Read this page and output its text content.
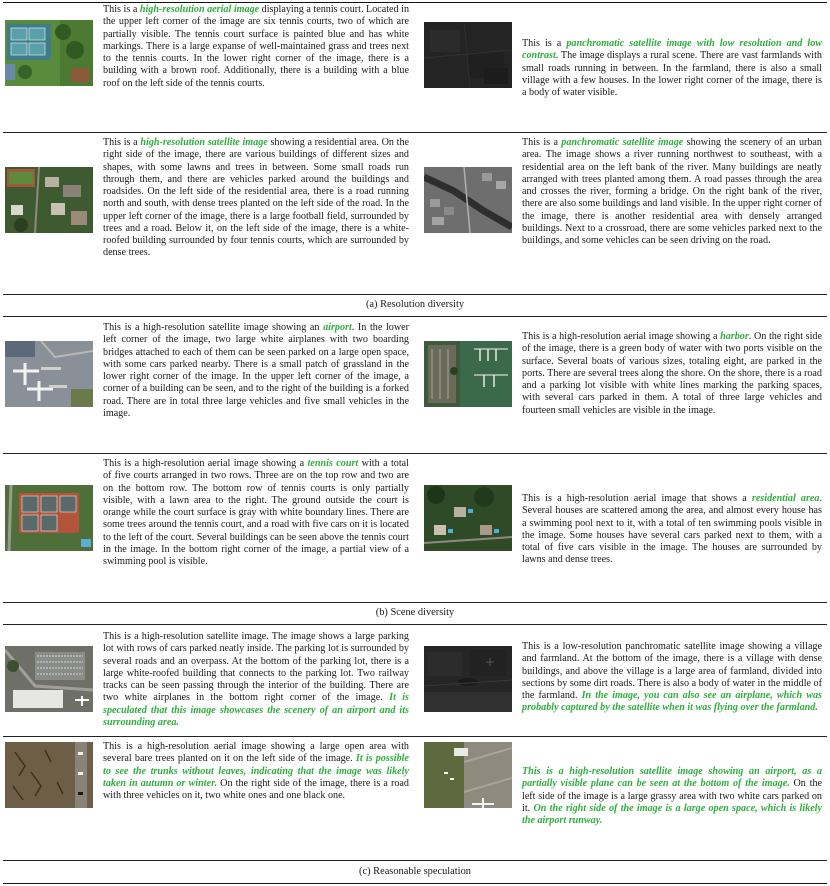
This is a high-resolution aerial image displaying a tennis court. Located in the upper left corner of the image are six tennis courts, two of which are partially visible. The tennis court surface is painted blue and has white markings. There is a large expanse of well-maintained grass and trees next to the tennis courts. In the lower right corner of the image, there is a building with a brown roof. Additionally, there is a building with a blue roof on the left side of the tennis courts.
This is a panchromatic satellite image with low resolution and low contrast. The image displays a rural scene. There are vast farmlands with small roads running in between. In the farmland, there is also a small village with a few houses. In the lower right corner of the image, there is a body of water visible.
This is a high-resolution satellite image showing a residential area. On the right side of the image, there are various buildings of different sizes and shapes, with some lawns and trees in between. Some small roads run through them, and there are vehicles parked around the buildings and roadsides. On the left side of the residential area, there is a road running north and south, with dense trees planted on the left side of the road. In the upper left corner of the image, there is a large football field, surrounded by trees and a road. Below it, on the left side of the image, there is a white-roofed building surrounded by four tennis courts, which are surrounded by dense trees.
This is a panchromatic satellite image showing the scenery of an urban area. The image shows a river running northwest to southeast, with a residential area on the left bank of the river. Many buildings are neatly arranged with trees planted among them. A road passes through the area and crosses the river, forming a bridge. On the right bank of the river, there are also some buildings and land visible. In the upper right corner of the image, there is another residential area with densely arranged buildings. Next to a crossroad, there are some vehicles parked next to the buildings, and some vehicles can be seen driving on the road.
(a) Resolution diversity
This is a high-resolution satellite image showing an airport. In the lower left corner of the image, two large white airplanes with two boarding bridges attached to each of them can be seen parked on a large open space, with some cars parked nearby. There is a small patch of grassland in the lower right corner of the image. In the upper left corner of the image, a corner of a building can be seen, and to the right of the building is a forked road. There are in total three large vehicles and five small vehicles in the image.
This is a high-resolution aerial image showing a harbor. On the right side of the image, there is a green body of water with two ports visible on the surface. Several boats of various sizes, totaling eight, are parked in the ports. There are several trees along the shore. On the shore, there is a road and a parking lot visible with white lines marking the parking spaces, with several cars parked in them. A total of three large vehicles and fourteen small vehicles are visible in the image.
This is a high-resolution aerial image showing a tennis court with a total of five courts arranged in two rows. Three are on the top row and two are on the bottom row. The bottom row of tennis courts is only partially visible, with a lawn area to the right. The ground outside the court is orange while the court surface is gray with white boundary lines. There are some trees around the tennis court, and a road with five cars on it is located to the left of the court. Several buildings can be seen above the tennis court in the image. In the bottom right corner of the image, a partial view of a swimming pool is visible.
This is a high-resolution aerial image that shows a residential area. Several houses are scattered among the area, and almost every house has a swimming pool next to it, with a total of ten swimming pools visible in the image. Some houses have several cars parked next to them, with a total of five cars visible in the image. The houses are surrounded by lawns and dense trees.
(b) Scene diversity
This is a high-resolution satellite image. The image shows a large parking lot with rows of cars parked neatly inside. The parking lot is surrounded by several roads and an overpass. At the bottom of the parking lot, there is a large white-roofed building that connects to the parking lot. Two railway tracks can be seen passing through the interior of the building. There are two white airplanes in the bottom right corner of the image. It is speculated that this image showcases the scenery of an airport and its surrounding area.
This is a low-resolution panchromatic satellite image showing a village and farmland. At the bottom of the image, there is a village with dense buildings, and above the village is a large area of farmland, divided into sections by some dirt roads. There is also a body of water in the middle of the farmland. In the image, you can also see an airplane, which was probably captured by the satellite when it was flying over the farmland.
This is a high-resolution aerial image showing a large open area with several bare trees planted on it on the left side of the image. It is possible to see the trunks without leaves, indicating that the image was likely taken in autumn or winter. On the right side of the image, there is a road with three vehicles on it, two white ones and one black one.
This is a high-resolution satellite image showing an airport, as a partially visible plane can be seen at the bottom of the image. On the left side of the image is a large grassy area with two white cars parked on it. On the right side of the image is a large open space, which is likely the airport runway.
(c) Reasonable speculation
